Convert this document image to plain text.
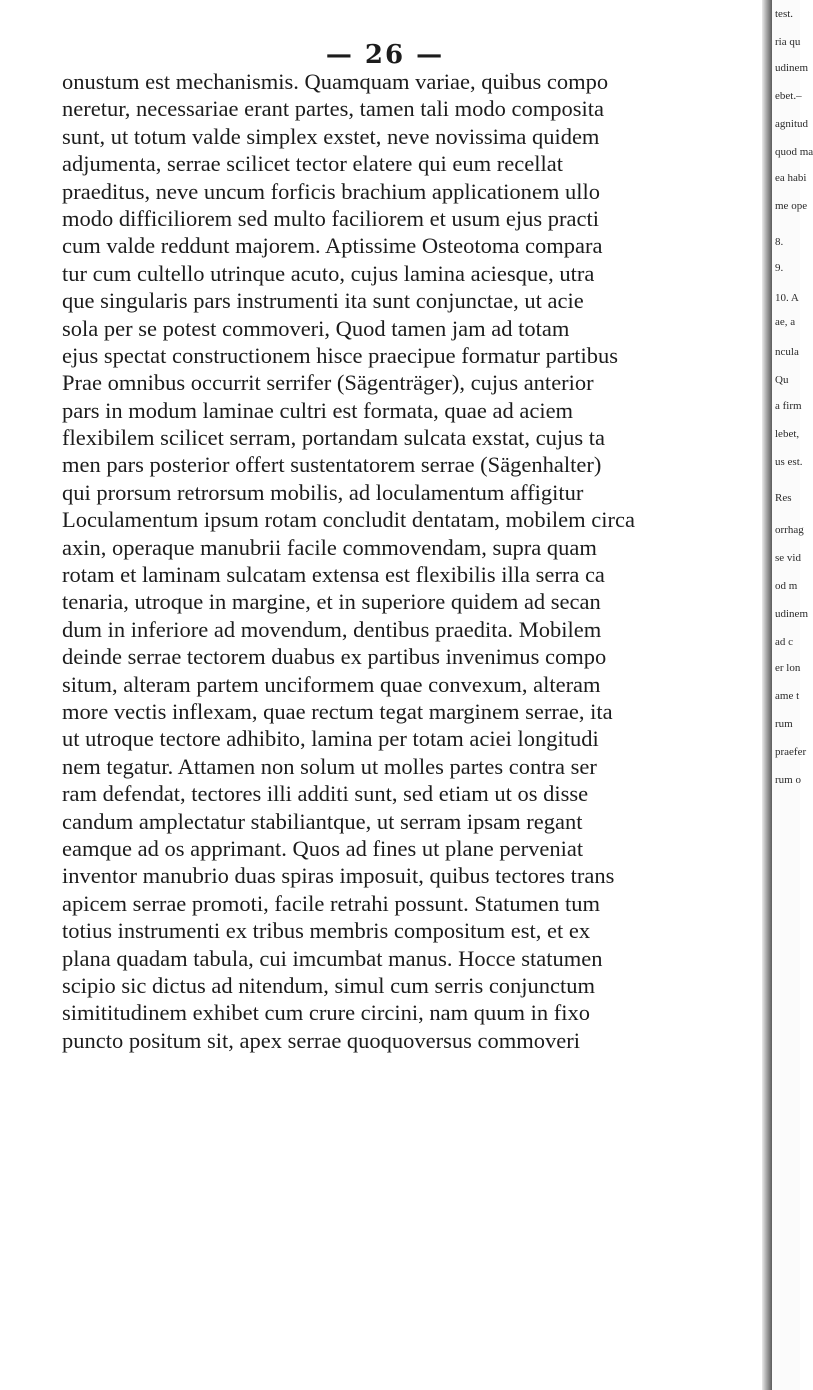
— 26 —
onustum est mechanismis. Quamquam variae, quibus compo
neretur, necessariae erant partes, tamen tali modo composita
sunt, ut totum valde simplex exstet, neve novissima quidem
adjumenta, serrae scilicet tector elatere qui eum recellat
praeditus, neve uncum forficis brachium applicationem ullo
modo difficiliorem sed multo faciliorem et usum ejus practi
cum valde reddunt majorem. Aptissime Osteotoma compara
tur cum cultello utrinque acuto, cujus lamina aciesque, utra
que singularis pars instrumenti ita sunt conjunctae, ut acie
sola per se potest commoveri, Quod tamen jam ad totam
ejus spectat constructionem hisce praecipue formatur partibus
Prae omnibus occurrit serrifer (Sägenträger), cujus anterior
pars in modum laminae cultri est formata, quae ad aciem
flexibilem scilicet serram, portandam sulcata exstat, cujus ta
men pars posterior offert sustentatorem serrae (Sägenhalter)
qui prorsum retrorsum mobilis, ad loculamentum affigitur
Loculamentum ipsum rotam concludit dentatam, mobilem circa
axin, operaque manubrii facile commovendam, supra quam
rotam et laminam sulcatam extensa est flexibilis illa serra ca
tenaria, utroque in margine, et in superiore quidem ad secan
dum in inferiore ad movendum, dentibus praedita. Mobilem
deinde serrae tectorem duabus ex partibus invenimus compo
situm, alteram partem unciformem quae convexum, alteram
more vectis inflexam, quae rectum tegat marginem serrae, ita
ut utroque tectore adhibito, lamina per totam aciei longitudi
nem tegatur. Attamen non solum ut molles partes contra ser
ram defendat, tectores illi additi sunt, sed etiam ut os disse
candum amplectatur stabiliantque, ut serram ipsam regant
eamque ad os apprimant. Quos ad fines ut plane perveniat
inventor manubrio duas spiras imposuit, quibus tectores trans
apicem serrae promoti, facile retrahi possunt. Statumen tum
totius instrumenti ex tribus membris compositum est, et ex
plana quadam tabula, cui imcumbat manus. Hocce statumen
scipio sic dictus ad nitendum, simul cum serris conjunctum
simititudinem exhibet cum crure circini, nam quum in fixo
puncto positum sit, apex serrae quoquoversus commoveri
test.
ria qu
udinem
ebet.–
agnitud
quod ma
ea habi
me ope
8.
9.
10. A
ae, a
ncula
Qu
a firm
lebet,
us est.
Res
orrhag
se vid
od m
udinem
ad c
er lon
ame t
rum
praefer
rum o
